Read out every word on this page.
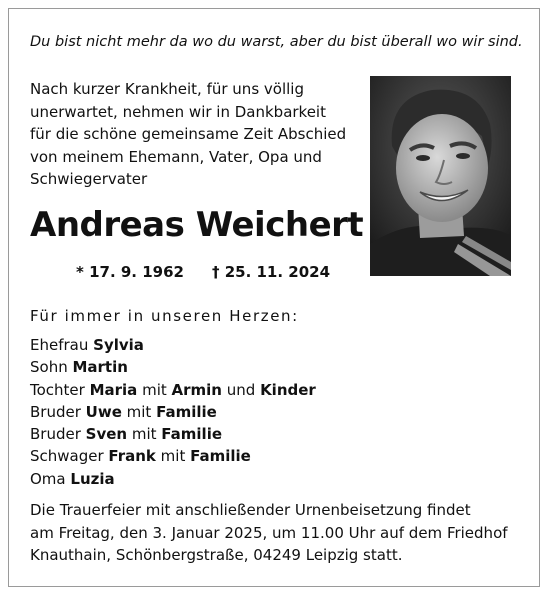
Du bist nicht mehr da wo du warst, aber du bist überall wo wir sind.
Nach kurzer Krankheit, für uns völlig
unerwartet, nehmen wir in Dankbarkeit
für die schöne gemeinsame Zeit Abschied
von meinem Ehemann, Vater, Opa und
Schwiegervater
Andreas Weichert
* 17. 9. 1962 † 25. 11. 2024
Für immer in unseren Herzen:
Ehefrau Sylvia
Sohn Martin
Tochter Maria mit Armin und Kinder
Bruder Uwe mit Familie
Bruder Sven mit Familie
Schwager Frank mit Familie
Oma Luzia
Die Trauerfeier mit anschließender Urnenbeisetzung findet
am Freitag, den 3. Januar 2025, um 11.00 Uhr auf dem Friedhof
Knauthain, Schönbergstraße, 04249 Leipzig statt.
